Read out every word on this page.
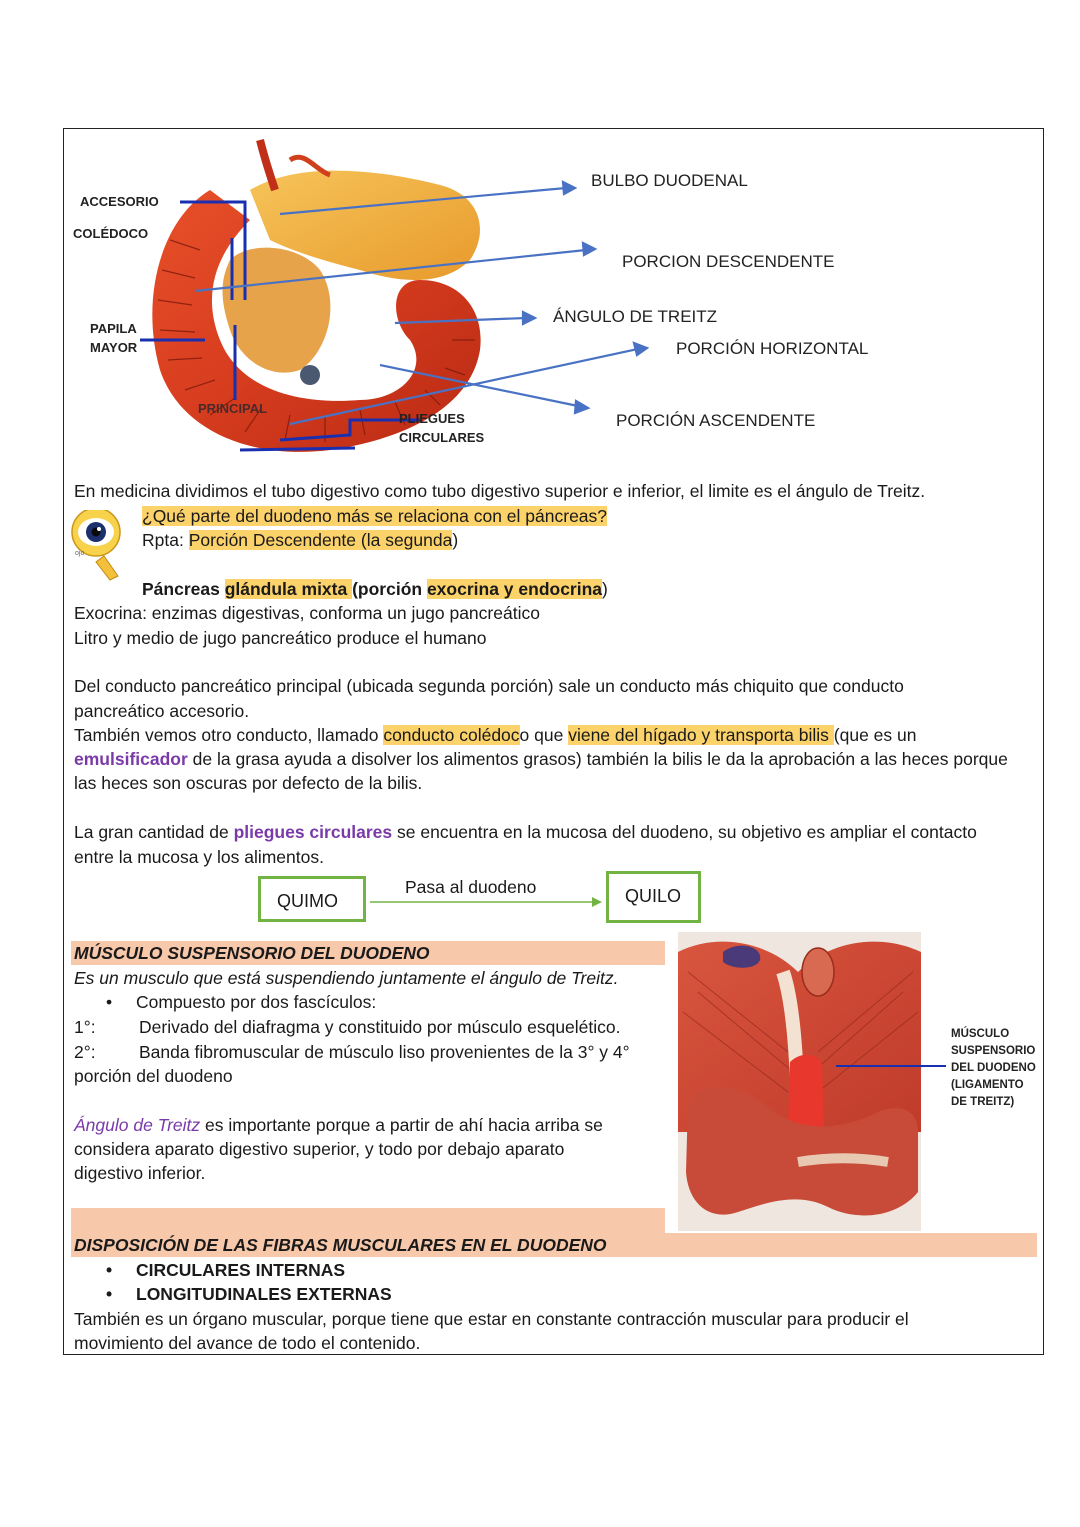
ACCESORIO
COLÉDOCO
PAPILA
MAYOR
PRINCIPAL
PLIEGUES
CIRCULARES
BULBO DUODENAL
PORCION DESCENDENTE
ÁNGULO DE TREITZ
PORCIÓN HORIZONTAL
PORCIÓN ASCENDENTE
En medicina dividimos el tubo digestivo como tubo digestivo superior e inferior, el limite es el ángulo de Treitz.
ojo
¿Qué parte del duodeno más se relaciona con el páncreas?
Rpta: Porción Descendente (la segunda)
Páncreas glándula mixta (porción exocrina y endocrina)
Exocrina: enzimas digestivas, conforma un jugo pancreático
Litro y medio de jugo pancreático produce el humano
Del conducto pancreático principal (ubicada segunda porción) sale un conducto más chiquito que conducto
pancreático accesorio.
También vemos otro conducto, llamado conducto colédoco que viene del hígado y transporta bilis (que es un
emulsificador de la grasa ayuda a disolver los alimentos grasos) también la bilis le da la aprobación a las heces porque
las heces son oscuras por defecto de la bilis.
La gran cantidad de pliegues circulares se encuentra en la mucosa del duodeno, su objetivo es ampliar el contacto
entre la mucosa y los alimentos.
QUIMO
Pasa al duodeno	QUILO
MÚSCULO SUSPENSORIO DEL DUODENO
Es un musculo que está suspendiendo juntamente el ángulo de Treitz.
• Compuesto por dos fascículos:
1°: Derivado del diafragma y constituido por músculo esquelético.
2°: Banda fibromuscular de músculo liso provenientes de la 3° y 4°
porción del duodeno
Ángulo de Treitz es importante porque a partir de ahí hacia arriba se
considera aparato digestivo superior, y todo por debajo aparato
digestivo inferior.
MÚSCULO
SUSPENSORIO
DEL DUODENO
(LIGAMENTO
DE TREITZ)
DISPOSICIÓN DE LAS FIBRAS MUSCULARES EN EL DUODENO
• CIRCULARES INTERNAS
• LONGITUDINALES EXTERNAS
También es un órgano muscular, porque tiene que estar en constante contracción muscular para producir el
movimiento del avance de todo el contenido.
